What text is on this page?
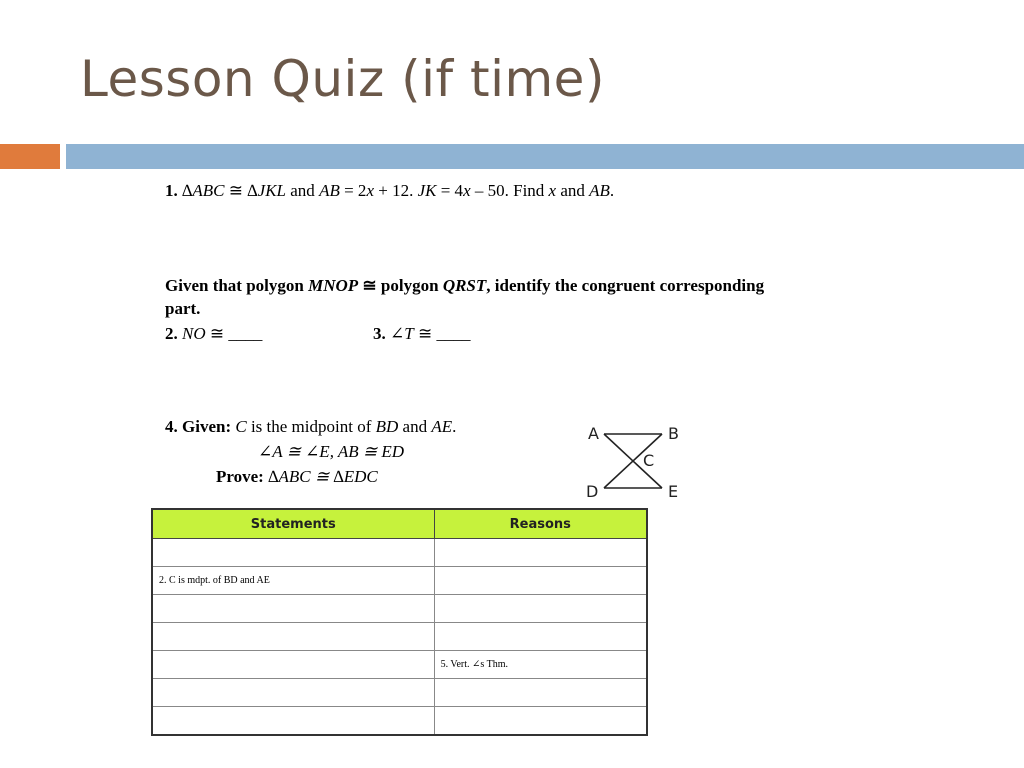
Lesson Quiz (if time)
1. ∆ABC ≅ ∆JKL and AB = 2x + 12. JK = 4x – 50. Find x and AB.
Given that polygon MNOP ≅ polygon QRST, identify the congruent corresponding
part.
2. NO ≅ ____	3. ∠T ≅ ____
4. Given: C is the midpoint of BD and AE.
∠A ≅ ∠E, AB ≅ ED
Prove: ∆ABC ≅ ∆EDC
A	B
C
D	E
Statements	Reasons

2. C is mdpt. of BD and AE	

	5. Vert. ∠s Thm.
